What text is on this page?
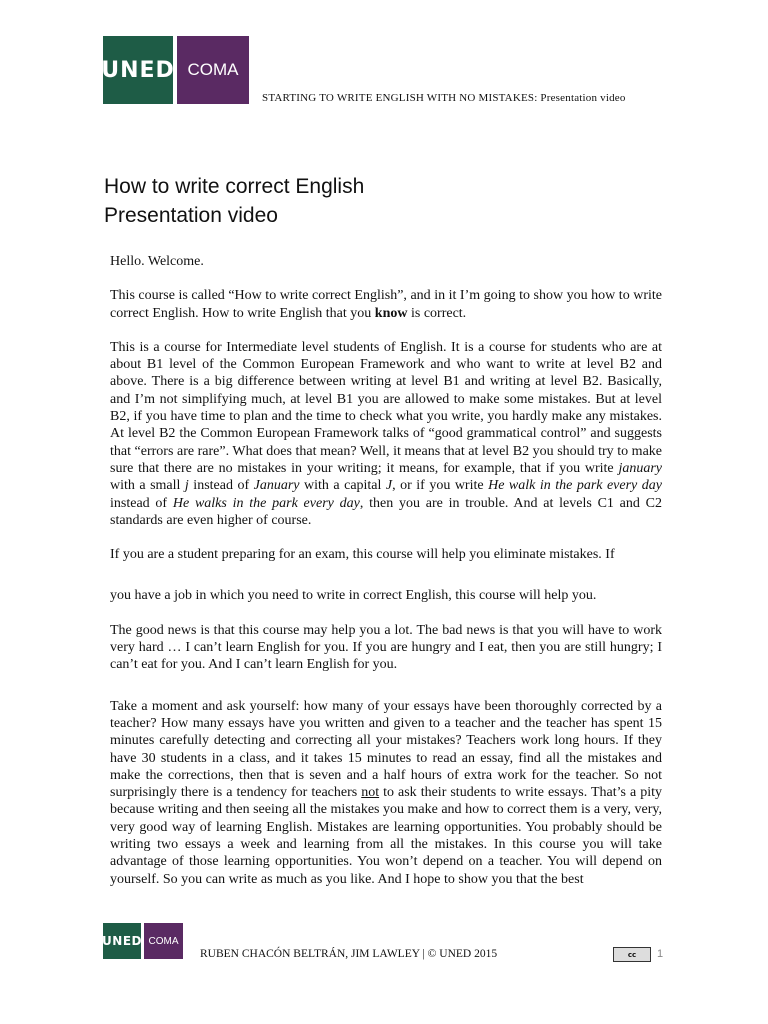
UNED COMA
STARTING TO WRITE ENGLISH WITH NO MISTAKES: Presentation video
How to write correct English
Presentation video

Hello. Welcome.

This course is called “How to write correct English”, and in it I’m going to show you how to write correct English. How to write English that you know is correct.

This is a course for Intermediate level students of English. It is a course for students who are at about B1 level of the Common European Framework and who want to write at level B2 and above. There is a big difference between writing at level B1 and writing at level B2. Basically, and I’m not simplifying much, at level B1 you are allowed to make some mistakes. But at level B2, if you have time to plan and the time to check what you write, you hardly make any mistakes. At level B2 the Common European Framework talks of “good grammatical control” and suggests that “errors are rare”. What does that mean? Well, it means that at level B2 you should try to make sure that there are no mistakes in your writing; it means, for example, that if you write january with a small j instead of January with a capital J, or if you write He walk in the park every day instead of He walks in the park every day, then you are in trouble. And at levels C1 and C2 standards are even higher of course.

If you are a student preparing for an exam, this course will help you eliminate mistakes. If

you have a job in which you need to write in correct English, this course will help you.

The good news is that this course may help you a lot. The bad news is that you will have to work very hard … I can’t learn English for you. If you are hungry and I eat, then you are still hungry; I can’t eat for you. And I can’t learn English for you.

Take a moment and ask yourself: how many of your essays have been thoroughly corrected by a teacher? How many essays have you written and given to a teacher and the teacher has spent 15 minutes carefully detecting and correcting all your mistakes? Teachers work long hours. If they have 30 students in a class, and it takes 15 minutes to read an essay, find all the mistakes and make the corrections, then that is seven and a half hours of extra work for the teacher. So not surprisingly there is a tendency for teachers not to ask their students to write essays. That’s a pity because writing and then seeing all the mistakes you make and how to correct them is a very, very, very good way of learning English. Mistakes are learning opportunities. You probably should be writing two essays a week and learning from all the mistakes. In this course you will take advantage of those learning opportunities. You won’t depend on a teacher. You will depend on yourself. So you can write as much as you like. And I hope to show you that the best

UNED COMA
RUBEN CHACÓN BELTRÁN, JIM LAWLEY | © UNED 2015	cc	1
